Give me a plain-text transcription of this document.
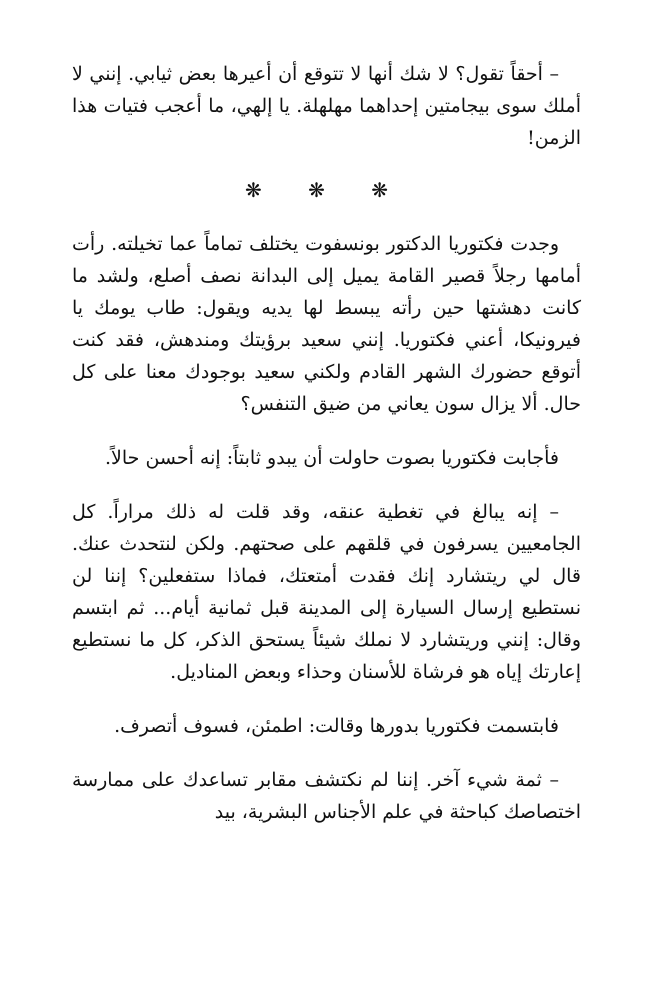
– أحقاً تقول؟ لا شك أنها لا تتوقع أن أعيرها بعض ثيابي. إنني لا أملك سوى بيجامتين إحداهما مهلهلة. يا إلهي، ما أعجب فتيات هذا الزمن!

❋ ❋ ❋

وجدت فكتوريا الدكتور بونسفوت يختلف تماماً عما تخيلته. رأت أمامها رجلاً قصير القامة يميل إلى البدانة نصف أصلع، ولشد ما كانت دهشتها حين رأته يبسط لها يديه ويقول: طاب يومك يا فيرونيكا، أعني فكتوريا. إنني سعيد برؤيتك ومندهش، فقد كنت أتوقع حضورك الشهر القادم ولكني سعيد بوجودك معنا على كل حال. ألا يزال سون يعاني من ضيق التنفس؟

فأجابت فكتوريا بصوت حاولت أن يبدو ثابتاً: إنه أحسن حالاً.

– إنه يبالغ في تغطية عنقه، وقد قلت له ذلك مراراً. كل الجامعيين يسرفون في قلقهم على صحتهم. ولكن لنتحدث عنك. قال لي ريتشارد إنك فقدت أمتعتك، فماذا ستفعلين؟ إننا لن نستطيع إرسال السيارة إلى المدينة قبل ثمانية أيام... ثم ابتسم وقال: إنني وريتشارد لا نملك شيئاً يستحق الذكر، كل ما نستطيع إعارتك إياه هو فرشاة للأسنان وحذاء وبعض المناديل.

فابتسمت فكتوريا بدورها وقالت: اطمئن، فسوف أتصرف.

– ثمة شيء آخر. إننا لم نكتشف مقابر تساعدك على ممارسة اختصاصك كباحثة في علم الأجناس البشرية، بيد
